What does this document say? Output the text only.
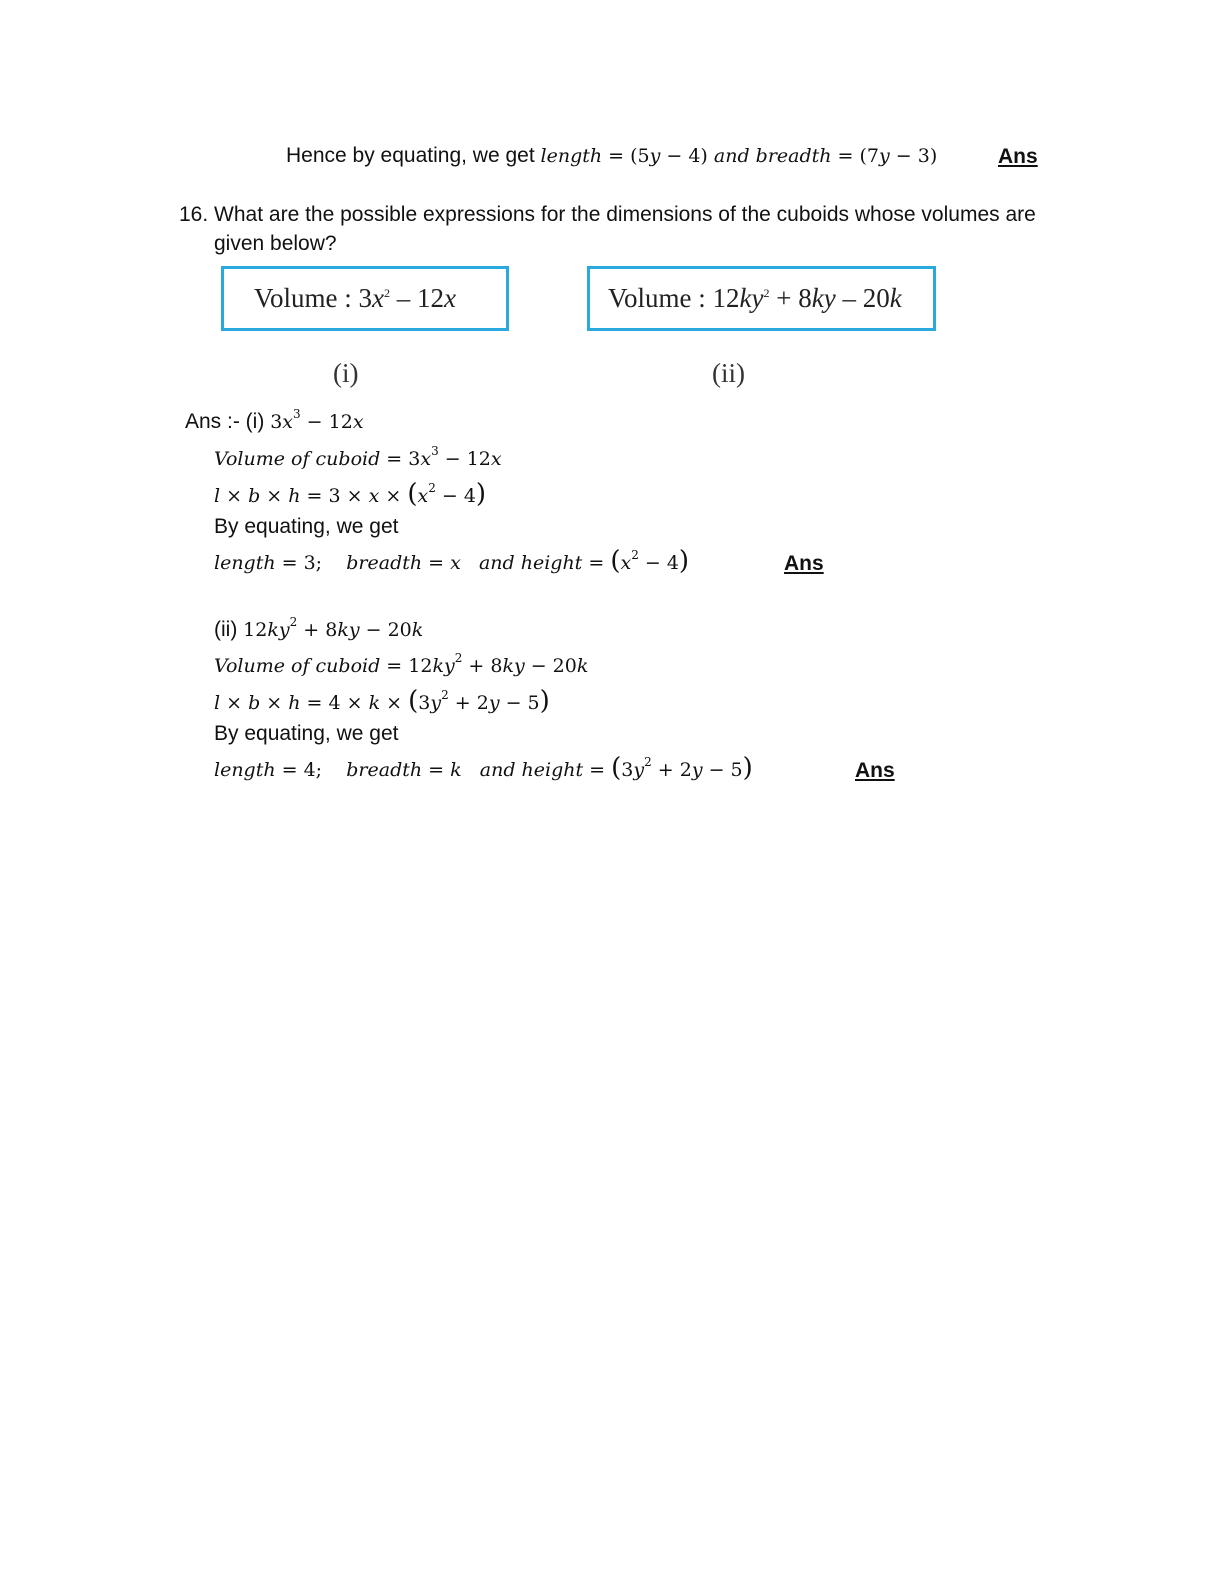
Hence by equating, we get length = (5y − 4) and breadth = (7y − 3)	Ans
16. What are the possible expressions for the dimensions of the cuboids whose volumes are
given below?
Volume : $3x^2 - 12x$	Volume : $12ky^2 + 8ky - 20k$
(i)	(ii)
Ans :- (i) $3x^3 - 12x$
Volume of cuboid = $3x^3 - 12x$
$l \times b \times h = 3 \times x \times (x^2 - 4)$
By equating, we get
length = 3;    breadth = x and height = $(x^2 - 4)$	Ans
(ii) $12ky^2 + 8ky - 20k$
Volume of cuboid = $12ky^2 + 8ky - 20k$
$l \times b \times h = 4 \times k \times (3y^2 + 2y - 5)$
By equating, we get
length = 4;    breadth = k and height = $(3y^2 + 2y - 5)$	Ans
